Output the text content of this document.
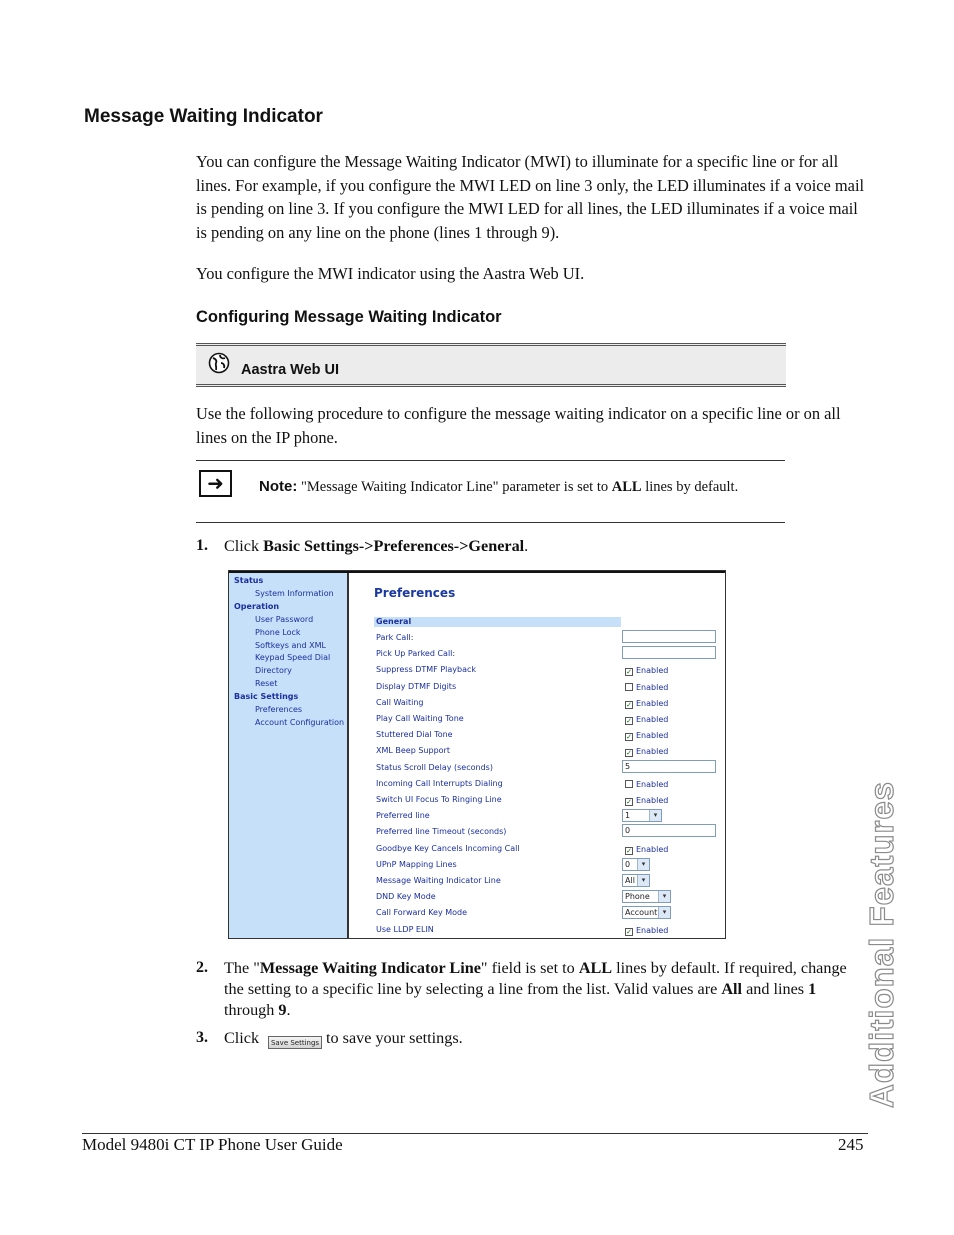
Message Waiting Indicator
You can configure the Message Waiting Indicator (MWI) to illuminate for a specific line or for all lines. For example, if you configure the MWI LED on line 3 only, the LED illuminates if a voice mail is pending on line 3. If you configure the MWI LED for all lines, the LED illuminates if a voice mail is pending on any line on the phone (lines 1 through 9).
You configure the MWI indicator using the Aastra Web UI.
Configuring Message Waiting Indicator
Aastra Web UI
Use the following procedure to configure the message waiting indicator on a specific line or on all lines on the IP phone.
➜	Note: "Message Waiting Indicator Line" parameter is set to ALL lines by default.
1. Click Basic Settings->Preferences->General.
Status
System Information
Operation
User Password
Phone Lock
Softkeys and XML
Keypad Speed Dial
Directory
Reset
Basic Settings
Preferences
Account Configuration
Preferences
General
Park Call:
Pick Up Parked Call:
Suppress DTMF Playback	✓ Enabled
Display DTMF Digits	Enabled
Call Waiting	✓ Enabled
Play Call Waiting Tone	✓ Enabled
Stuttered Dial Tone	✓ Enabled
XML Beep Support	✓ Enabled
Status Scroll Delay (seconds)	5
Incoming Call Interrupts Dialing	Enabled
Switch UI Focus To Ringing Line	✓ Enabled
Preferred line	1	▾
Preferred line Timeout (seconds)	0
Goodbye Key Cancels Incoming Call	✓ Enabled
UPnP Mapping Lines	0	▾
Message Waiting Indicator Line	All ▾
DND Key Mode	Phone	▾
Call Forward Key Mode	Account ▾
Use LLDP ELIN	✓ Enabled
2. The "Message Waiting Indicator Line" field is set to ALL lines by default. If required, change the setting to a specific line by selecting a line from the list. Valid values are All and lines 1 through 9.
3. Click	Save Settings to save your settings.	Additional Features
Model 9480i CT IP Phone User Guide	245
